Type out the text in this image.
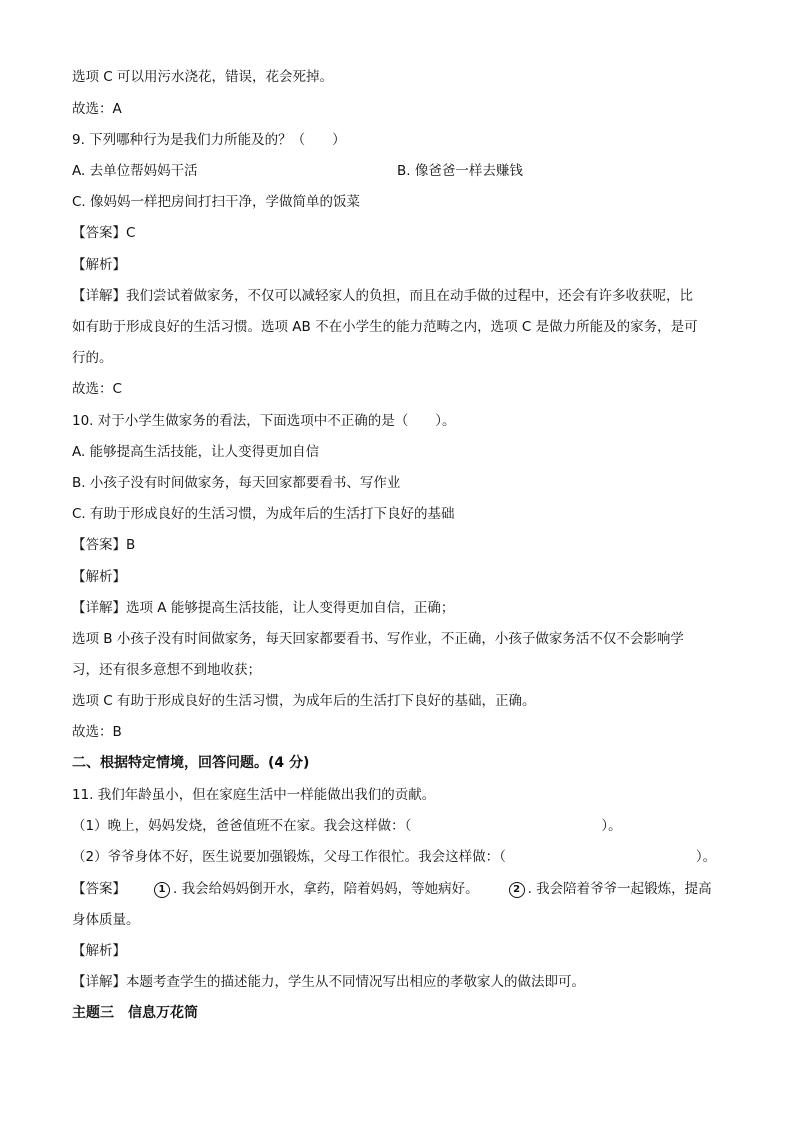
选项 C 可以用污水浇花，错误，花会死掉。
故选：A
9. 下列哪种行为是我们力所能及的？（　　）
A. 去单位帮妈妈干活	B. 像爸爸一样去赚钱
C. 像妈妈一样把房间打扫干净，学做简单的饭菜
【答案】C
【解析】
【详解】我们尝试着做家务，不仅可以减轻家人的负担，而且在动手做的过程中，还会有许多收获呢，比
如有助于形成良好的生活习惯。选项 AB 不在小学生的能力范畴之内，选项 C 是做力所能及的家务，是可
行的。
故选：C
10. 对于小学生做家务的看法，下面选项中不正确的是（　　）。
A. 能够提高生活技能，让人变得更加自信
B. 小孩子没有时间做家务，每天回家都要看书、写作业
C. 有助于形成良好的生活习惯，为成年后的生活打下良好的基础
【答案】B
【解析】
【详解】选项 A 能够提高生活技能，让人变得更加自信，正确；
选项 B 小孩子没有时间做家务，每天回家都要看书、写作业，不正确，小孩子做家务活不仅不会影响学
习，还有很多意想不到地收获；
选项 C 有助于形成良好的生活习惯，为成年后的生活打下良好的基础，正确。
故选：B
二、根据特定情境，回答问题。(4 分)
11. 我们年龄虽小，但在家庭生活中一样能做出我们的贡献。
（1）晚上，妈妈发烧，爸爸值班不在家。我会这样做：（	）。
（2）爷爷身体不好，医生说要加强锻炼，父母工作很忙。我会这样做：（	）。
【答案】	1 . 我会给妈妈倒开水，拿药，陪着妈妈，等她病好。	2 . 我会陪着爷爷一起锻炼，提高
身体质量。
【解析】
【详解】本题考查学生的描述能力，学生从不同情况写出相应的孝敬家人的做法即可。
主题三　信息万花筒
